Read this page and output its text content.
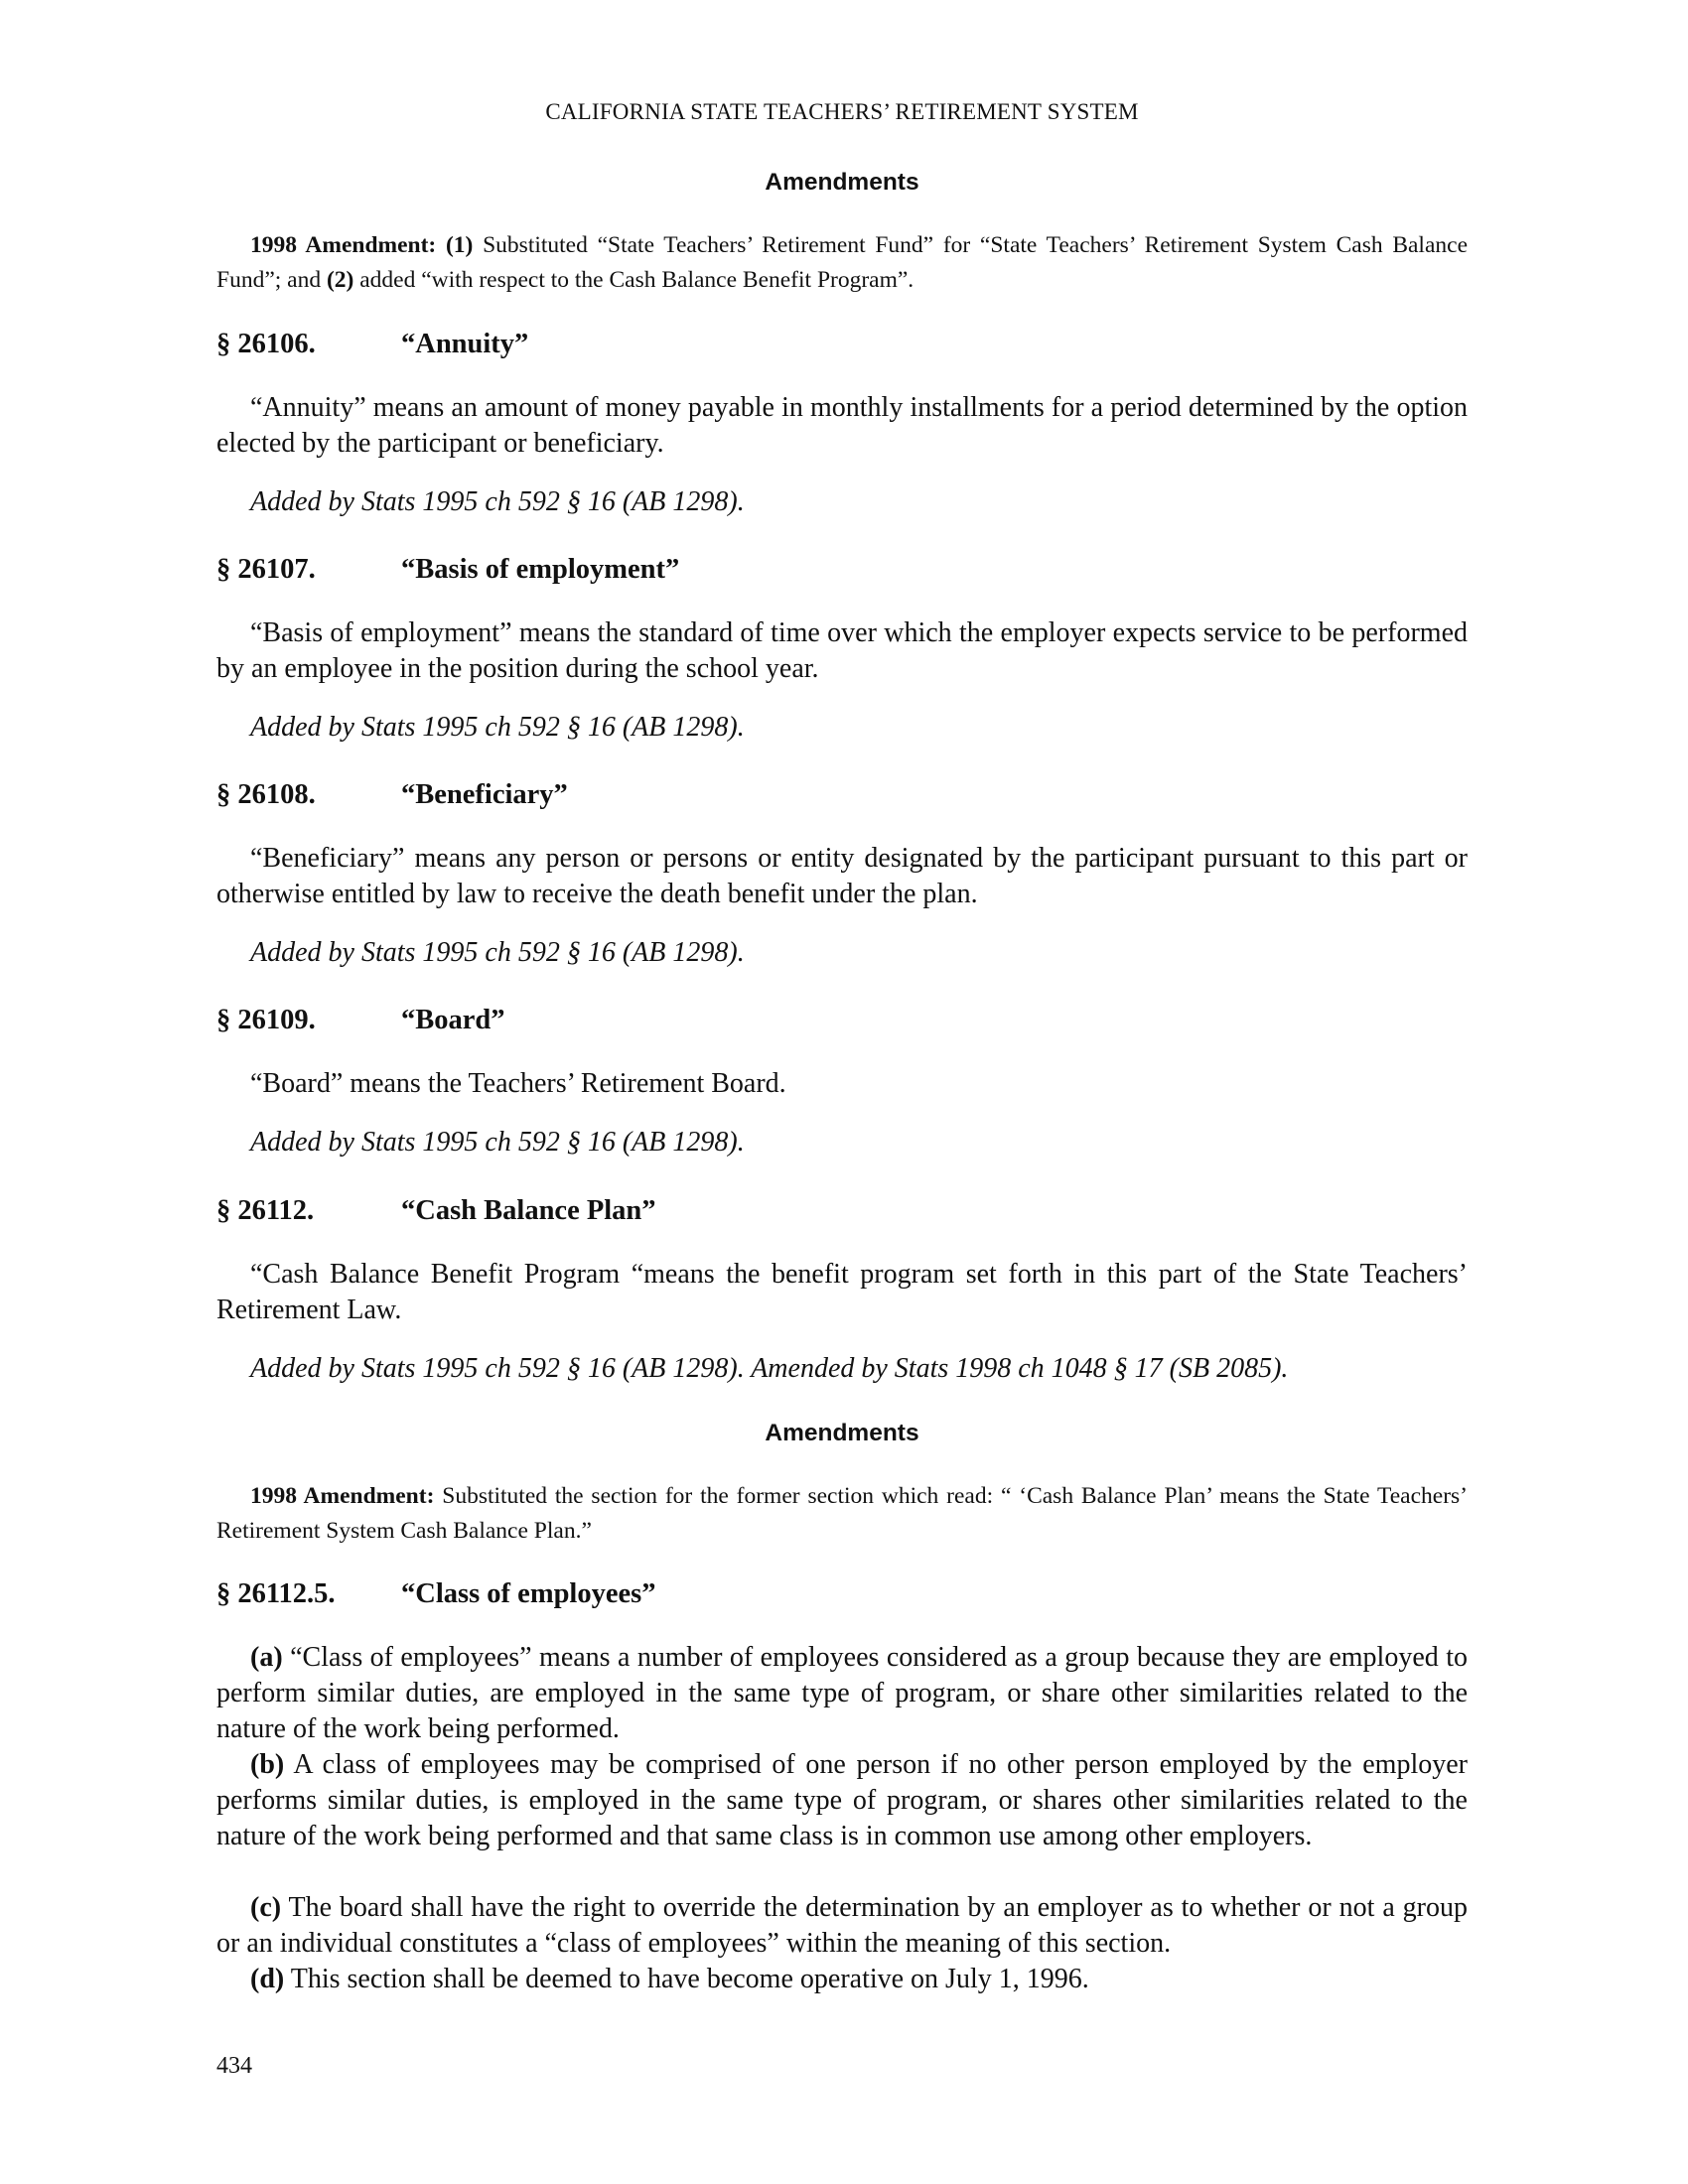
CALIFORNIA STATE TEACHERS’ RETIREMENT SYSTEM
Amendments
1998 Amendment: (1) Substituted “State Teachers’ Retirement Fund” for “State Teachers’ Retirement System Cash Balance Fund”; and (2) added “with respect to the Cash Balance Benefit Program”.
§ 26106.	“Annuity”
“Annuity” means an amount of money payable in monthly installments for a period determined by the option elected by the participant or beneficiary.
Added by Stats 1995 ch 592 § 16 (AB 1298).
§ 26107.	“Basis of employment”
“Basis of employment” means the standard of time over which the employer expects service to be performed by an employee in the position during the school year.
Added by Stats 1995 ch 592 § 16 (AB 1298).
§ 26108.	“Beneficiary”
“Beneficiary” means any person or persons or entity designated by the participant pursuant to this part or otherwise entitled by law to receive the death benefit under the plan.
Added by Stats 1995 ch 592 § 16 (AB 1298).
§ 26109.	“Board”
“Board” means the Teachers’ Retirement Board.
Added by Stats 1995 ch 592 § 16 (AB 1298).
§ 26112.	“Cash Balance Plan”
“Cash Balance Benefit Program “means the benefit program set forth in this part of the State Teachers’ Retirement Law.
Added by Stats 1995 ch 592 § 16 (AB 1298). Amended by Stats 1998 ch 1048 § 17 (SB 2085).
Amendments
1998 Amendment: Substituted the section for the former section which read: “ ‘Cash Balance Plan’ means the State Teachers’ Retirement System Cash Balance Plan.”
§ 26112.5. “Class of employees”
(a) “Class of employees” means a number of employees considered as a group because they are employed to perform similar duties, are employed in the same type of program, or share other similarities related to the nature of the work being performed.
(b) A class of employees may be comprised of one person if no other person employed by the employer performs similar duties, is employed in the same type of program, or shares other similarities related to the nature of the work being performed and that same class is in common use among other employers.
(c) The board shall have the right to override the determination by an employer as to whether or not a group or an individual constitutes a “class of employees” within the meaning of this section.
(d) This section shall be deemed to have become operative on July 1, 1996.
434
